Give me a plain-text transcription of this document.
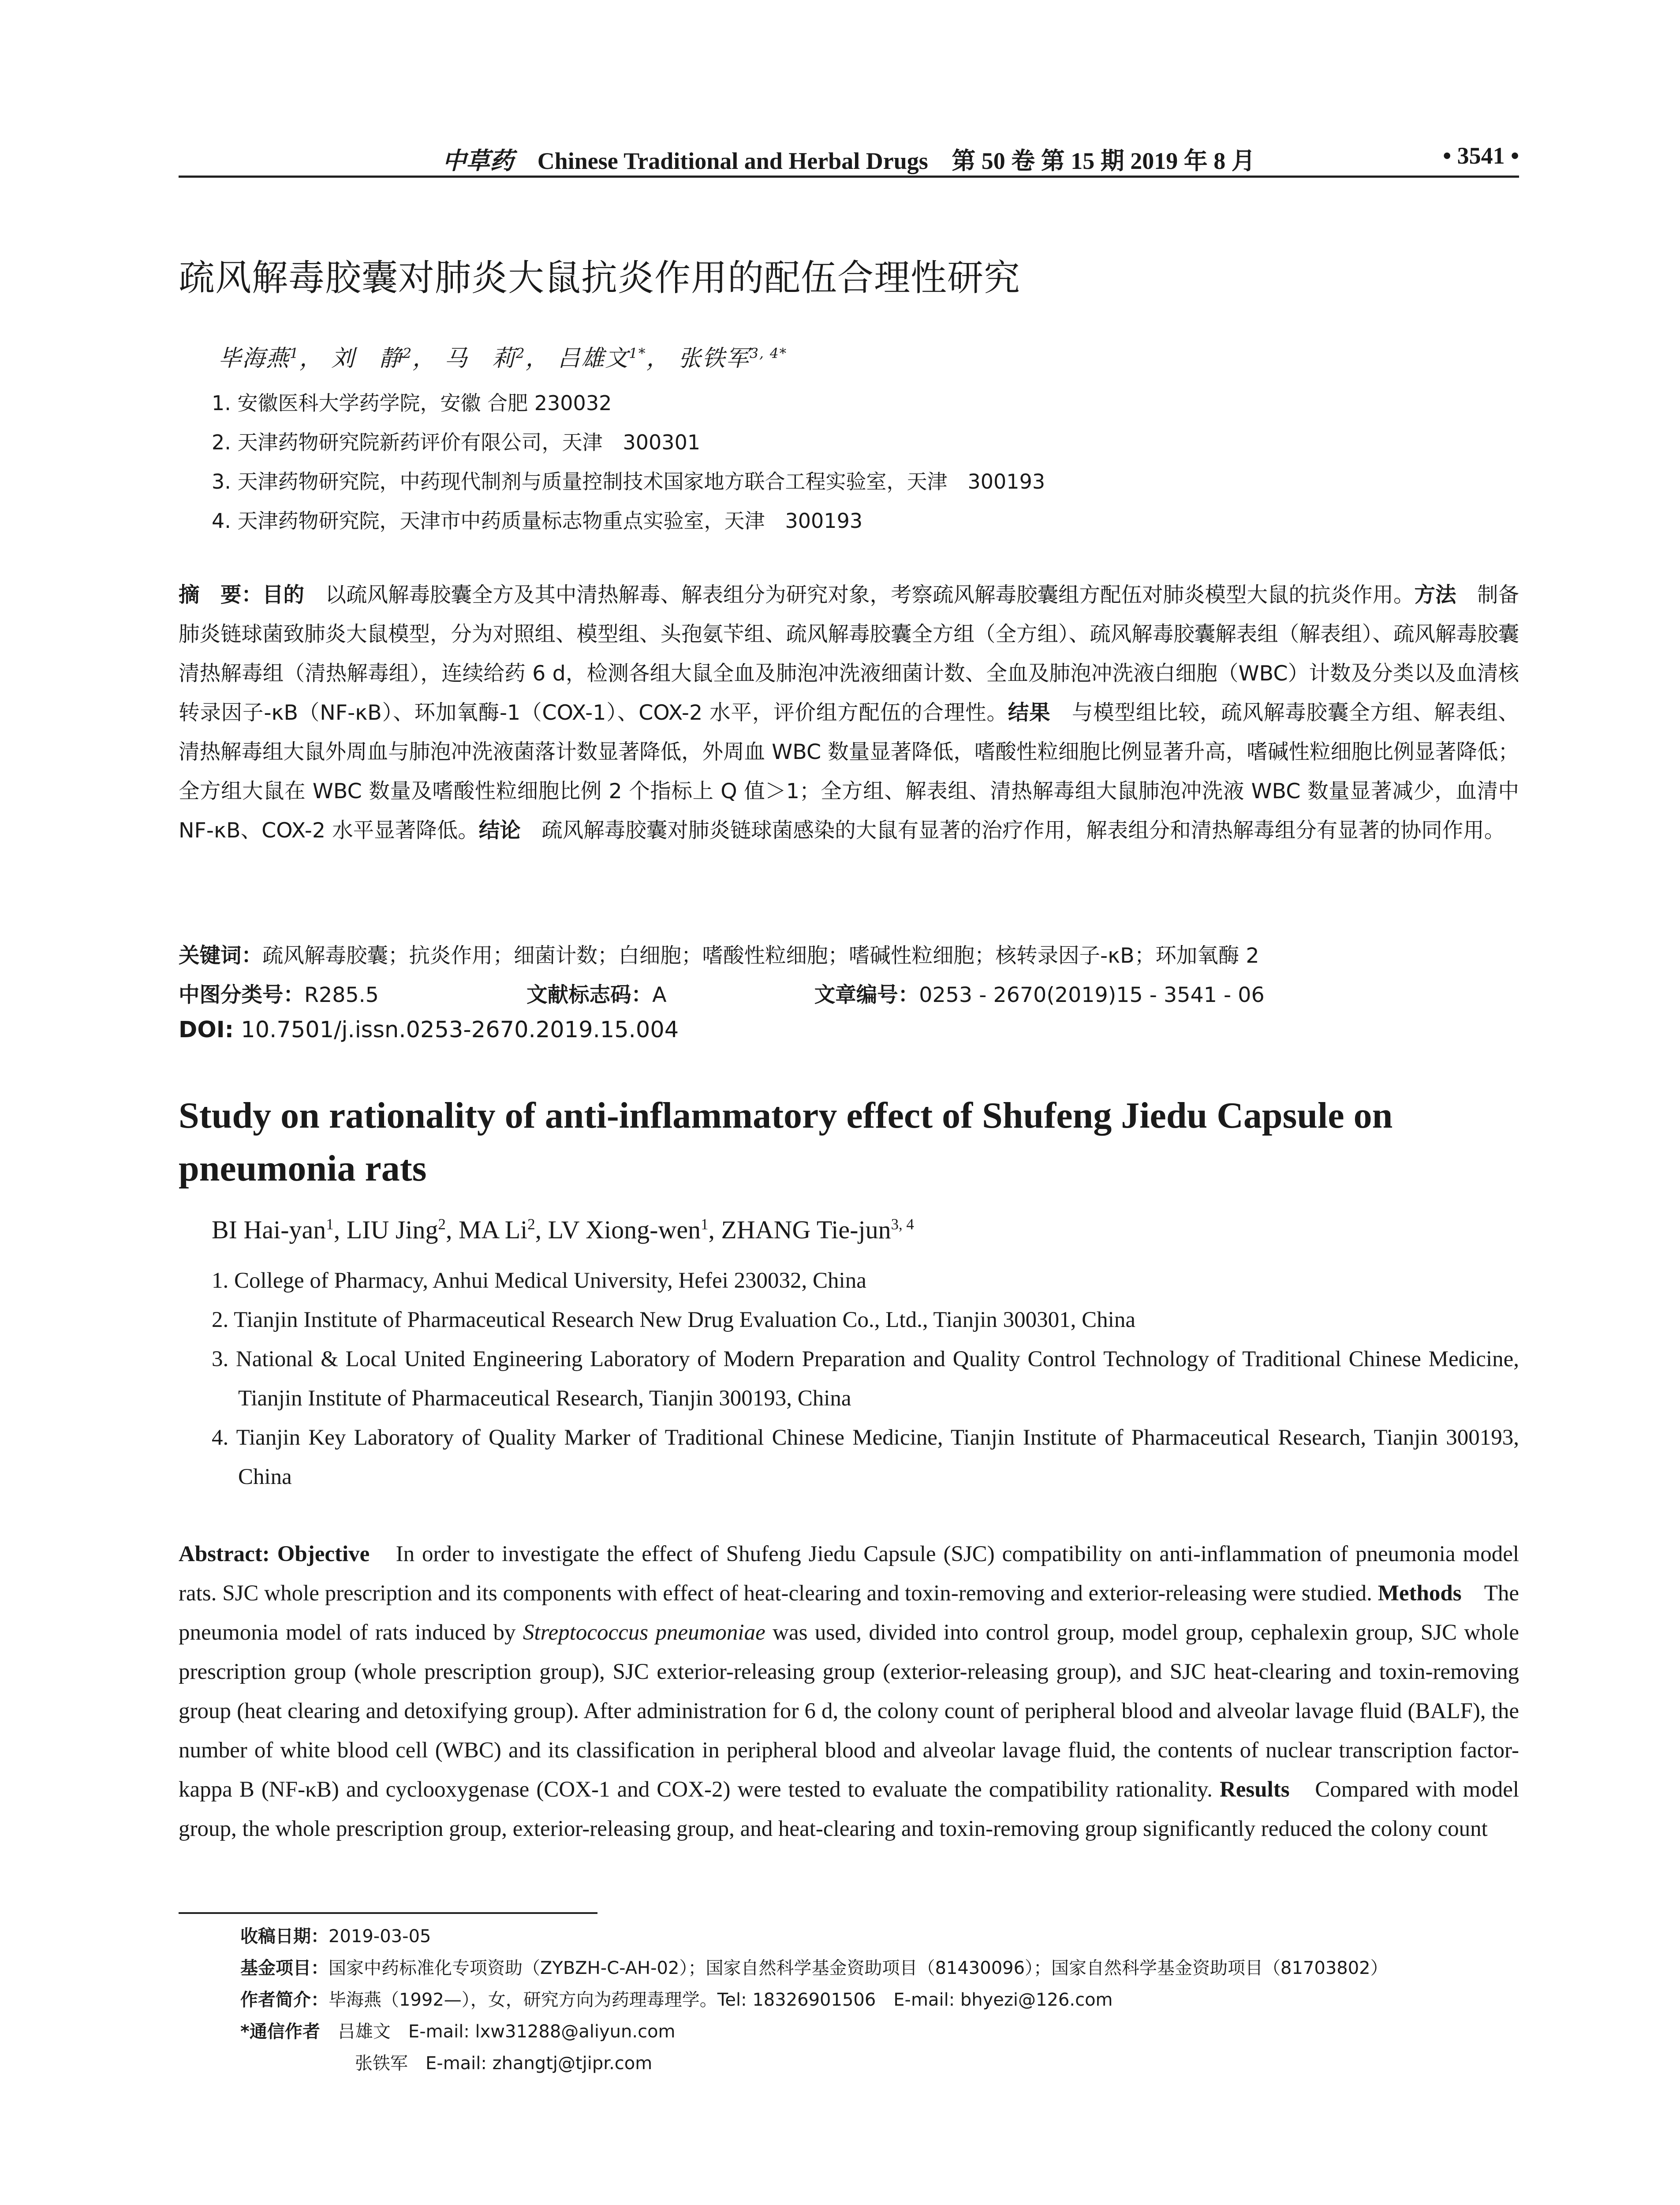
中草药 Chinese Traditional and Herbal Drugs 第 50 卷 第 15 期 2019 年 8 月	• 3541 •
疏风解毒胶囊对肺炎大鼠抗炎作用的配伍合理性研究
毕海燕$^1$， 刘　静$^2$， 马　莉$^2$， 吕雄文$^{1*}$， 张铁军$^{3, 4*}$
1. 安徽医科大学药学院，安徽 合肥 230032
2. 天津药物研究院新药评价有限公司，天津　300301
3. 天津药物研究院，中药现代制剂与质量控制技术国家地方联合工程实验室，天津　300193
4. 天津药物研究院，天津市中药质量标志物重点实验室，天津　300193
摘　要：目的　以疏风解毒胶囊全方及其中清热解毒、解表组分为研究对象，考察疏风解毒胶囊组方配伍对肺炎模型大鼠的抗炎作用。方法　制备肺炎链球菌致肺炎大鼠模型，分为对照组、模型组、头孢氨苄组、疏风解毒胶囊全方组（全方组）、疏风解毒胶囊解表组（解表组）、疏风解毒胶囊清热解毒组（清热解毒组），连续给药 6 d，检测各组大鼠全血及肺泡冲洗液细菌计数、全血及肺泡冲洗液白细胞（WBC）计数及分类以及血清核转录因子-κB（NF-κB）、环加氧酶-1（COX-1）、COX-2 水平，评价组方配伍的合理性。结果　与模型组比较，疏风解毒胶囊全方组、解表组、清热解毒组大鼠外周血与肺泡冲洗液菌落计数显著降低，外周血 WBC 数量显著降低，嗜酸性粒细胞比例显著升高，嗜碱性粒细胞比例显著降低；全方组大鼠在 WBC 数量及嗜酸性粒细胞比例 2 个指标上 Q 值＞1；全方组、解表组、清热解毒组大鼠肺泡冲洗液 WBC 数量显著减少，血清中 NF-κB、COX-2 水平显著降低。结论　疏风解毒胶囊对肺炎链球菌感染的大鼠有显著的治疗作用，解表组分和清热解毒组分有显著的协同作用。
关键词：疏风解毒胶囊；抗炎作用；细菌计数；白细胞；嗜酸性粒细胞；嗜碱性粒细胞；核转录因子-κB；环加氧酶 2
中图分类号：R285.5	文献标志码：A	文章编号：0253 - 2670(2019)15 - 3541 - 06
DOI: 10.7501/j.issn.0253-2670.2019.15.004
Study on rationality of anti-inflammatory effect of Shufeng Jiedu Capsule on pneumonia rats
BI Hai-yan$^1$, LIU Jing$^2$, MA Li$^2$, LV Xiong-wen$^1$, ZHANG Tie-jun$^{3, 4}$
1. College of Pharmacy, Anhui Medical University, Hefei 230032, China
2. Tianjin Institute of Pharmaceutical Research New Drug Evaluation Co., Ltd., Tianjin 300301, China
3. National & Local United Engineering Laboratory of Modern Preparation and Quality Control Technology of Traditional Chinese Medicine, Tianjin Institute of Pharmaceutical Research, Tianjin 300193, China
4. Tianjin Key Laboratory of Quality Marker of Traditional Chinese Medicine, Tianjin Institute of Pharmaceutical Research, Tianjin 300193, China
Abstract: Objective　In order to investigate the effect of Shufeng Jiedu Capsule (SJC) compatibility on anti-inflammation of pneumonia model rats. SJC whole prescription and its components with effect of heat-clearing and toxin-removing and exterior-releasing were studied. Methods　The pneumonia model of rats induced by Streptococcus pneumoniae was used, divided into control group, model group, cephalexin group, SJC whole prescription group (whole prescription group), SJC exterior-releasing group (exterior-releasing group), and SJC heat-clearing and toxin-removing group (heat clearing and detoxifying group). After administration for 6 d, the colony count of peripheral blood and alveolar lavage fluid (BALF), the number of white blood cell (WBC) and its classification in peripheral blood and alveolar lavage fluid, the contents of nuclear transcription factor-kappa B (NF-κB) and cyclooxygenase (COX-1 and COX-2) were tested to evaluate the compatibility rationality. Results　Compared with model group, the whole prescription group, exterior-releasing group, and heat-clearing and toxin-removing group significantly reduced the colony count
收稿日期：2019-03-05
基金项目：国家中药标准化专项资助（ZYBZH-C-AH-02）；国家自然科学基金资助项目（81430096）；国家自然科学基金资助项目（81703802）
作者简介：毕海燕（1992—），女，研究方向为药理毒理学。Tel: 18326901506　E-mail: bhyezi@126.com
*通信作者　吕雄文　E-mail: lxw31288@aliyun.com
张铁军　E-mail: zhangtj@tjipr.com
